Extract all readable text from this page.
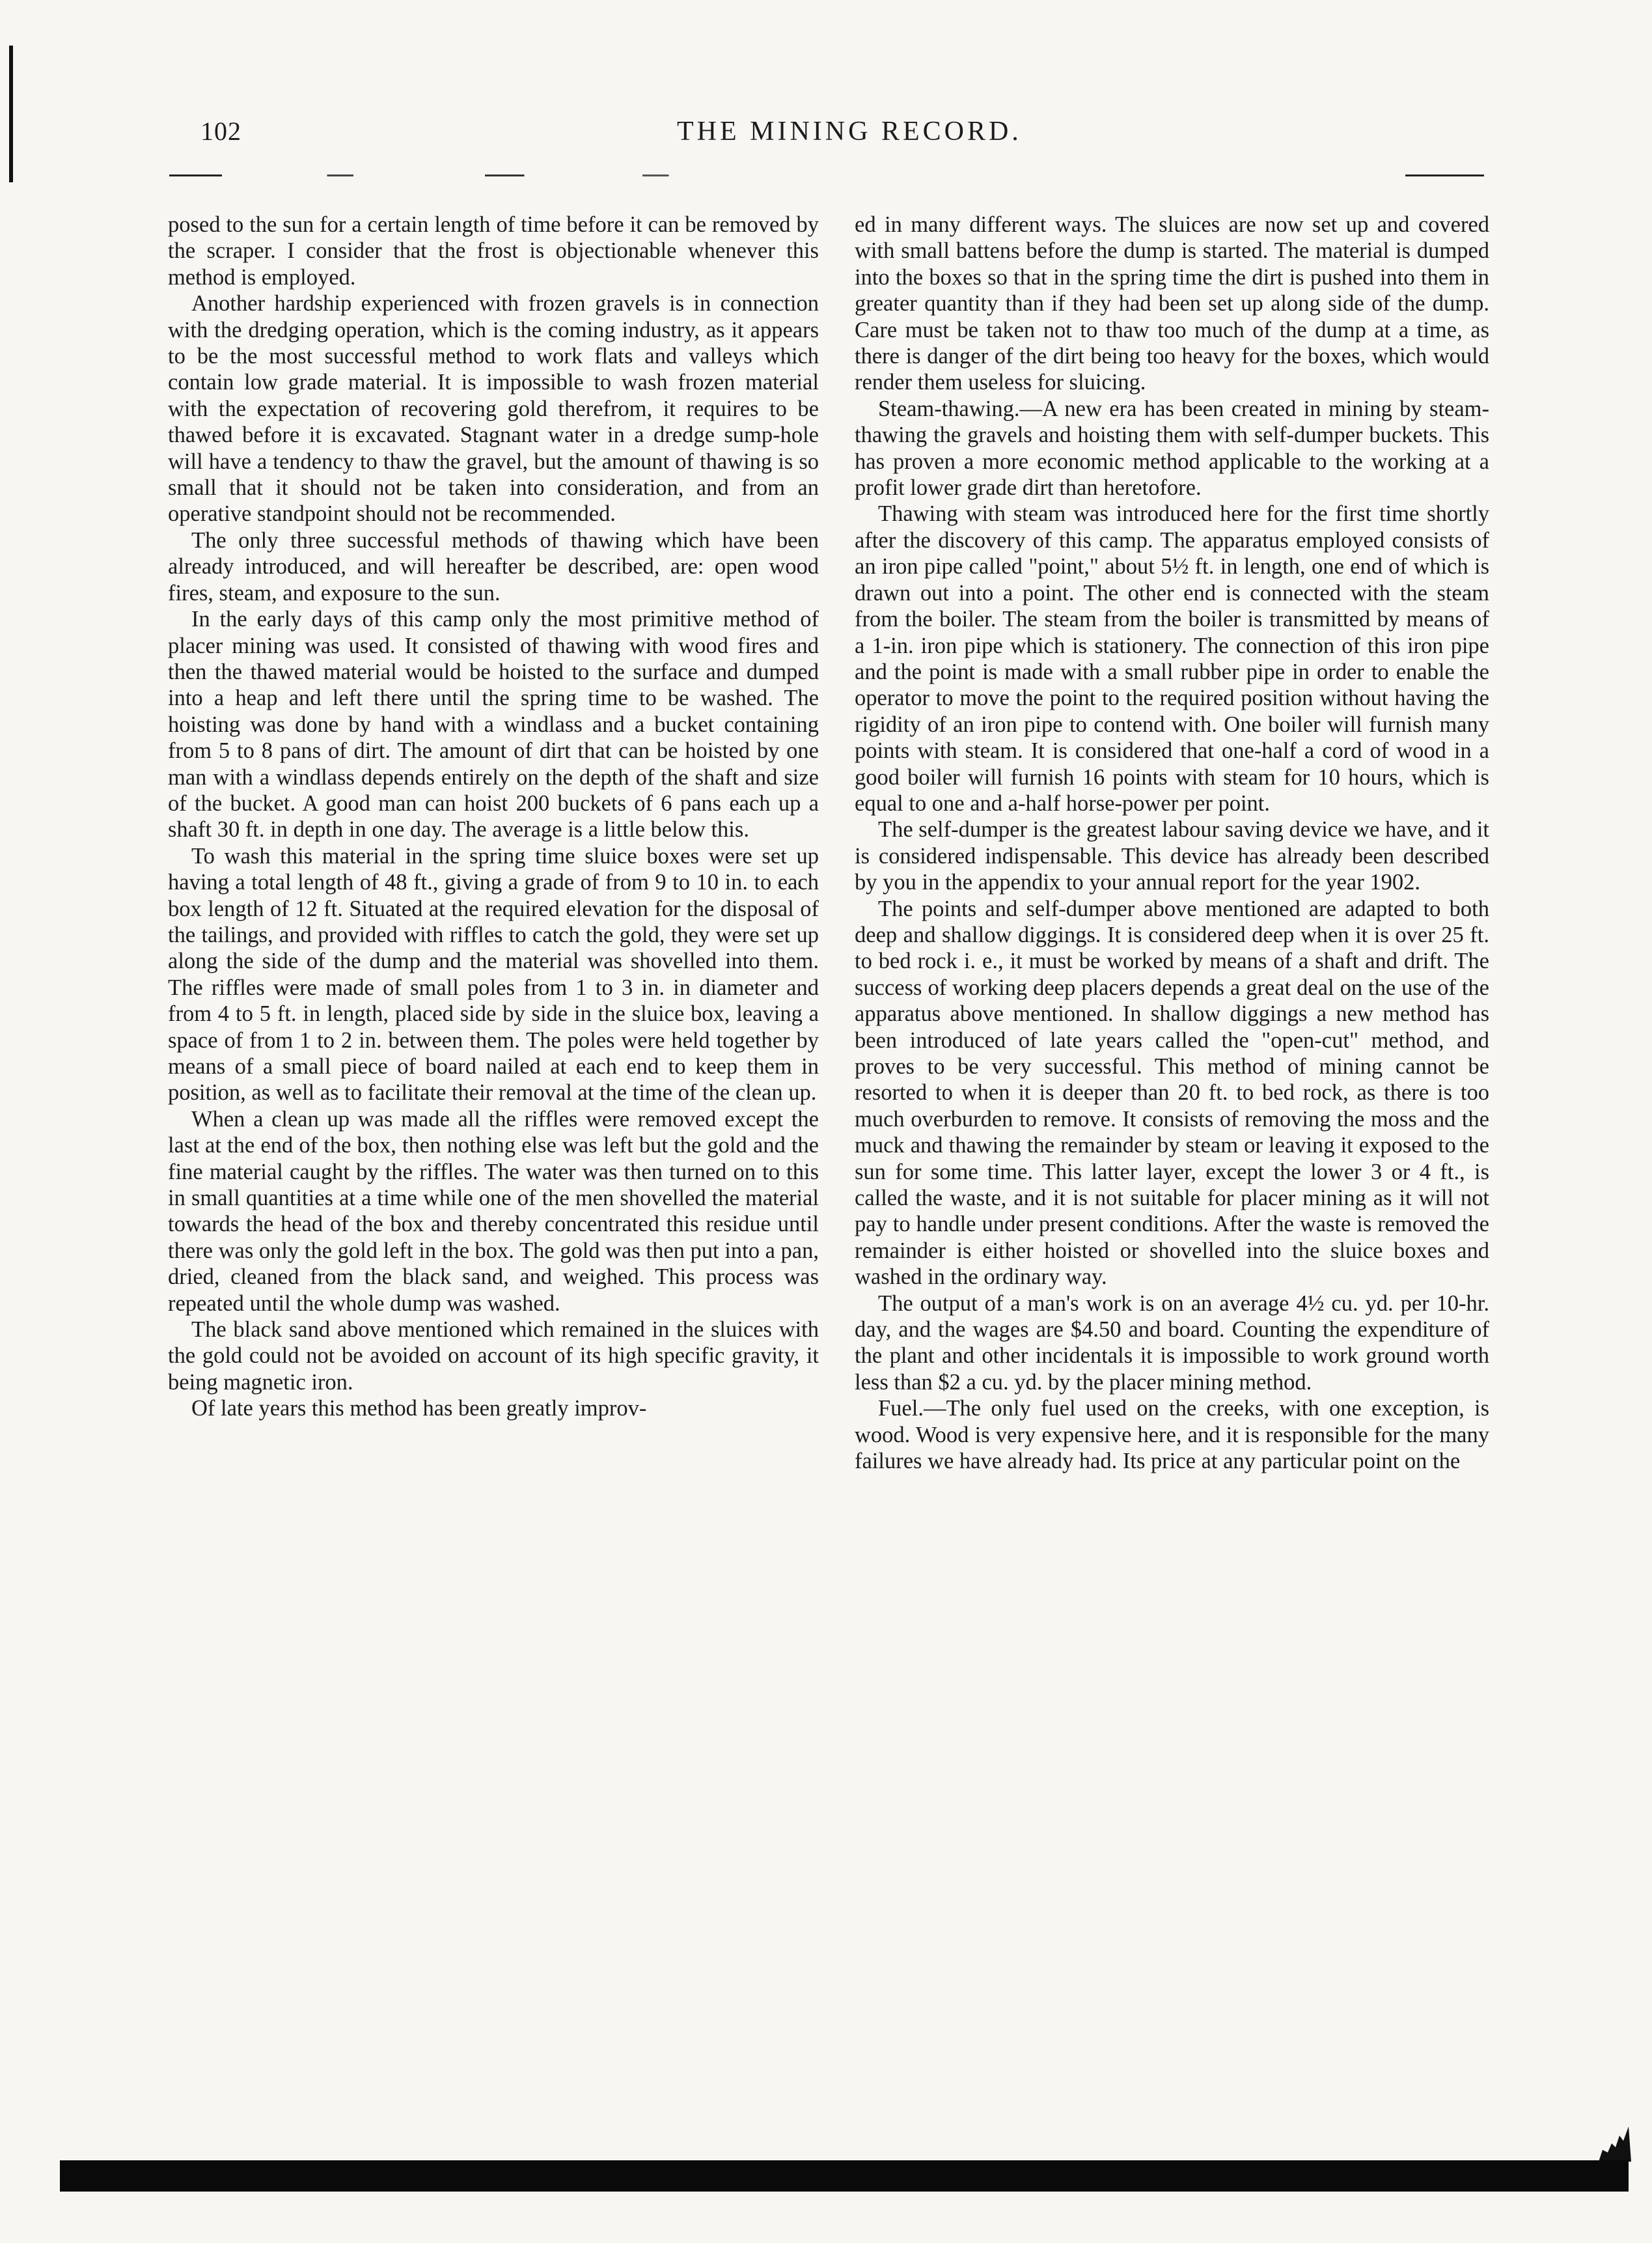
102	THE MINING RECORD.

posed to the sun for a certain length of time before it can be removed by the scraper. I consider that the frost is objectionable whenever this method is employed.

Another hardship experienced with frozen gravels is in connection with the dredging operation, which is the coming industry, as it appears to be the most successful method to work flats and valleys which contain low grade material. It is impossible to wash frozen material with the expectation of recovering gold therefrom, it requires to be thawed before it is excavated. Stagnant water in a dredge sump-hole will have a tendency to thaw the gravel, but the amount of thawing is so small that it should not be taken into consideration, and from an operative standpoint should not be recommended.

The only three successful methods of thawing which have been already introduced, and will hereafter be described, are: open wood fires, steam, and exposure to the sun.

In the early days of this camp only the most primitive method of placer mining was used. It consisted of thawing with wood fires and then the thawed material would be hoisted to the surface and dumped into a heap and left there until the spring time to be washed. The hoisting was done by hand with a windlass and a bucket containing from 5 to 8 pans of dirt. The amount of dirt that can be hoisted by one man with a windlass depends entirely on the depth of the shaft and size of the bucket. A good man can hoist 200 buckets of 6 pans each up a shaft 30 ft. in depth in one day. The average is a little below this.

To wash this material in the spring time sluice boxes were set up having a total length of 48 ft., giving a grade of from 9 to 10 in. to each box length of 12 ft. Situated at the required elevation for the disposal of the tailings, and provided with riffles to catch the gold, they were set up along the side of the dump and the material was shovelled into them. The riffles were made of small poles from 1 to 3 in. in diameter and from 4 to 5 ft. in length, placed side by side in the sluice box, leaving a space of from 1 to 2 in. between them. The poles were held together by means of a small piece of board nailed at each end to keep them in position, as well as to facilitate their removal at the time of the clean up.

When a clean up was made all the riffles were removed except the last at the end of the box, then nothing else was left but the gold and the fine material caught by the riffles. The water was then turned on to this in small quantities at a time while one of the men shovelled the material towards the head of the box and thereby concentrated this residue until there was only the gold left in the box. The gold was then put into a pan, dried, cleaned from the black sand, and weighed. This process was repeated until the whole dump was washed.

The black sand above mentioned which remained in the sluices with the gold could not be avoided on account of its high specific gravity, it being magnetic iron.

Of late years this method has been greatly improv-

ed in many different ways. The sluices are now set up and covered with small battens before the dump is started. The material is dumped into the boxes so that in the spring time the dirt is pushed into them in greater quantity than if they had been set up along side of the dump. Care must be taken not to thaw too much of the dump at a time, as there is danger of the dirt being too heavy for the boxes, which would render them useless for sluicing.

Steam-thawing.—A new era has been created in mining by steam-thawing the gravels and hoisting them with self-dumper buckets. This has proven a more economic method applicable to the working at a profit lower grade dirt than heretofore.

Thawing with steam was introduced here for the first time shortly after the discovery of this camp. The apparatus employed consists of an iron pipe called "point," about 5½ ft. in length, one end of which is drawn out into a point. The other end is connected with the steam from the boiler. The steam from the boiler is transmitted by means of a 1-in. iron pipe which is stationery. The connection of this iron pipe and the point is made with a small rubber pipe in order to enable the operator to move the point to the required position without having the rigidity of an iron pipe to contend with. One boiler will furnish many points with steam. It is considered that one-half a cord of wood in a good boiler will furnish 16 points with steam for 10 hours, which is equal to one and a-half horse-power per point.

The self-dumper is the greatest labour saving device we have, and it is considered indispensable. This device has already been described by you in the appendix to your annual report for the year 1902.

The points and self-dumper above mentioned are adapted to both deep and shallow diggings. It is considered deep when it is over 25 ft. to bed rock i. e., it must be worked by means of a shaft and drift. The success of working deep placers depends a great deal on the use of the apparatus above mentioned. In shallow diggings a new method has been introduced of late years called the "open-cut" method, and proves to be very successful. This method of mining cannot be resorted to when it is deeper than 20 ft. to bed rock, as there is too much overburden to remove. It consists of removing the moss and the muck and thawing the remainder by steam or leaving it exposed to the sun for some time. This latter layer, except the lower 3 or 4 ft., is called the waste, and it is not suitable for placer mining as it will not pay to handle under present conditions. After the waste is removed the remainder is either hoisted or shovelled into the sluice boxes and washed in the ordinary way.

The output of a man's work is on an average 4½ cu. yd. per 10-hr. day, and the wages are $4.50 and board. Counting the expenditure of the plant and other incidentals it is impossible to work ground worth less than $2 a cu. yd. by the placer mining method.

Fuel.—The only fuel used on the creeks, with one exception, is wood. Wood is very expensive here, and it is responsible for the many failures we have already had. Its price at any particular point on the
